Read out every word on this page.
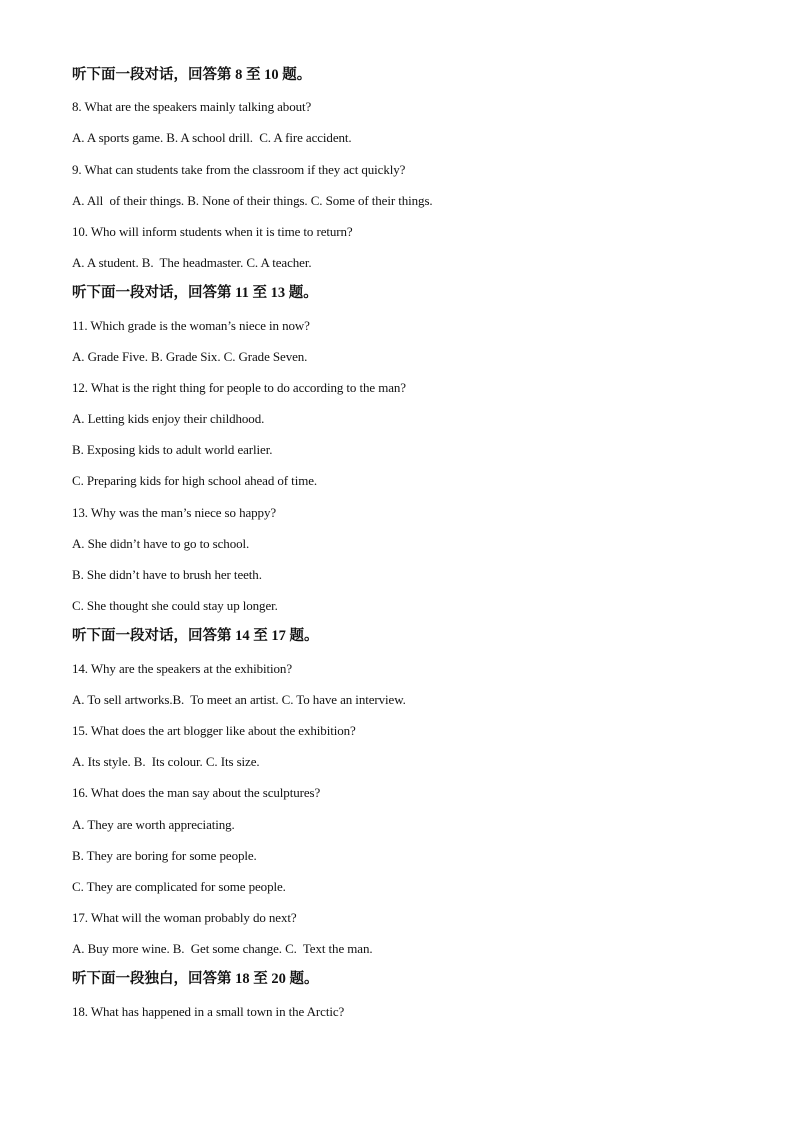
听下面一段对话，回答第 8 至 10 题。

8. What are the speakers mainly talking about?

A. A sports game. B. A school drill.  C. A fire accident.

9. What can students take from the classroom if they act quickly?

A. All  of their things. B. None of their things. C. Some of their things.

10. Who will inform students when it is time to return?

A. A student. B.  The headmaster. C. A teacher.

听下面一段对话，回答第 11 至 13 题。

11. Which grade is the woman’s niece in now?

A. Grade Five. B. Grade Six. C. Grade Seven.

12. What is the right thing for people to do according to the man?

A. Letting kids enjoy their childhood.

B. Exposing kids to adult world earlier.

C. Preparing kids for high school ahead of time.

13. Why was the man’s niece so happy?

A. She didn’t have to go to school.

B. She didn’t have to brush her teeth.

C. She thought she could stay up longer.

听下面一段对话，回答第 14 至 17 题。

14. Why are the speakers at the exhibition?

A. To sell artworks.B.  To meet an artist. C. To have an interview.

15. What does the art blogger like about the exhibition?

A. Its style. B.  Its colour. C. Its size.

16. What does the man say about the sculptures?

A. They are worth appreciating.

B. They are boring for some people.

C. They are complicated for some people.

17. What will the woman probably do next?

A. Buy more wine. B.  Get some change. C.  Text the man.

听下面一段独白，回答第 18 至 20 题。

18. What has happened in a small town in the Arctic?
